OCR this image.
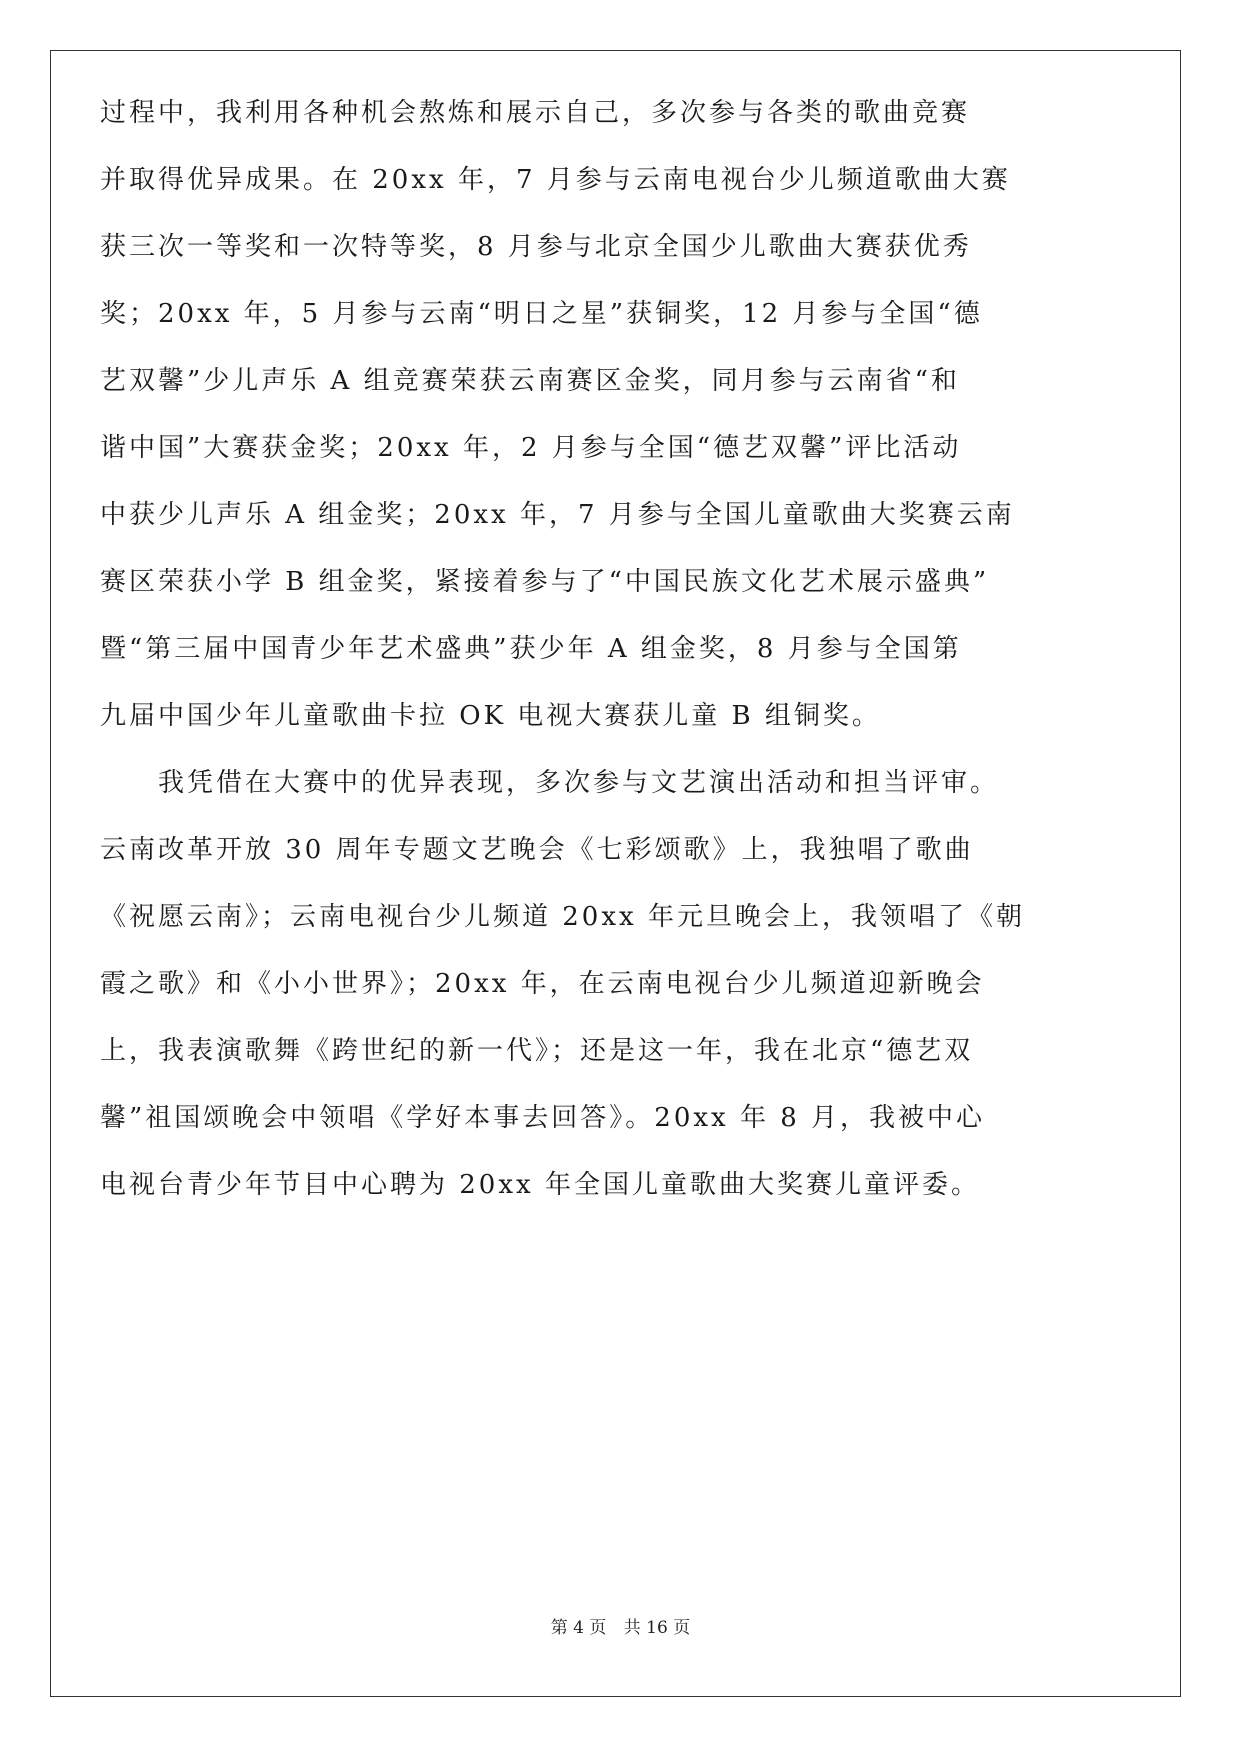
过程中，我利用各种机会熬炼和展示自己，多次参与各类的歌曲竞赛
并取得优异成果。在 20xx 年，7 月参与云南电视台少儿频道歌曲大赛
获三次一等奖和一次特等奖，8 月参与北京全国少儿歌曲大赛获优秀
奖；20xx 年，5 月参与云南“明日之星”获铜奖，12 月参与全国“德
艺双馨”少儿声乐 A 组竞赛荣获云南赛区金奖，同月参与云南省“和
谐中国”大赛获金奖；20xx 年，2 月参与全国“德艺双馨”评比活动
中获少儿声乐 A 组金奖；20xx 年，7 月参与全国儿童歌曲大奖赛云南
赛区荣获小学 B 组金奖，紧接着参与了“中国民族文化艺术展示盛典”
暨“第三届中国青少年艺术盛典”获少年 A 组金奖，8 月参与全国第
九届中国少年儿童歌曲卡拉 OK 电视大赛获儿童 B 组铜奖。

我凭借在大赛中的优异表现，多次参与文艺演出活动和担当评审。
云南改革开放 30 周年专题文艺晚会《七彩颂歌》上，我独唱了歌曲
《祝愿云南》；云南电视台少儿频道 20xx 年元旦晚会上，我领唱了《朝
霞之歌》和《小小世界》；20xx 年，在云南电视台少儿频道迎新晚会
上，我表演歌舞《跨世纪的新一代》；还是这一年，我在北京“德艺双
馨”祖国颂晚会中领唱《学好本事去回答》。20xx 年 8 月，我被中心
电视台青少年节目中心聘为 20xx 年全国儿童歌曲大奖赛儿童评委。

第 4 页 共 16 页
